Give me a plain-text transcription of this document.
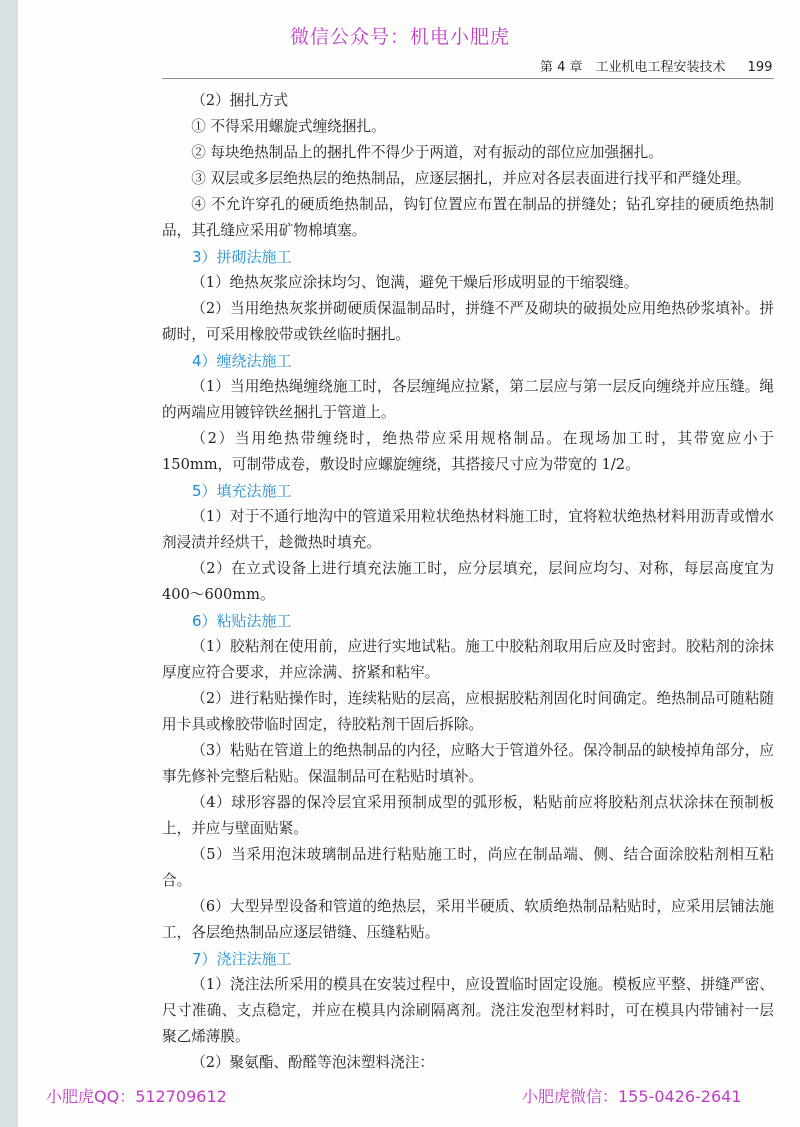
微信公众号：机电小肥虎
第 4 章　工业机电工程安装技术 199

（2）捆扎方式

① 不得采用螺旋式缠绕捆扎。

② 每块绝热制品上的捆扎件不得少于两道，对有振动的部位应加强捆扎。

③ 双层或多层绝热层的绝热制品，应逐层捆扎，并应对各层表面进行找平和严缝处理。

④ 不允许穿孔的硬质绝热制品，钩钉位置应布置在制品的拼缝处；钻孔穿挂的硬质绝热制品，其孔缝应采用矿物棉填塞。

3）拼砌法施工

（1）绝热灰浆应涂抹均匀、饱满，避免干燥后形成明显的干缩裂缝。

（2）当用绝热灰浆拼砌硬质保温制品时，拼缝不严及砌块的破损处应用绝热砂浆填补。拼砌时，可采用橡胶带或铁丝临时捆扎。

4）缠绕法施工

（1）当用绝热绳缠绕施工时，各层缠绳应拉紧，第二层应与第一层反向缠绕并应压缝。绳的两端应用镀锌铁丝捆扎于管道上。

（2）当用绝热带缠绕时，绝热带应采用规格制品。在现场加工时，其带宽应小于150mm，可制带成卷，敷设时应螺旋缠绕，其搭接尺寸应为带宽的 1/2。

5）填充法施工

（1）对于不通行地沟中的管道采用粒状绝热材料施工时，宜将粒状绝热材料用沥青或憎水剂浸渍并经烘干，趁微热时填充。

（2）在立式设备上进行填充法施工时，应分层填充，层间应均匀、对称，每层高度宜为 400～600mm。

6）粘贴法施工

（1）胶粘剂在使用前，应进行实地试粘。施工中胶粘剂取用后应及时密封。胶粘剂的涂抹厚度应符合要求，并应涂满、挤紧和粘牢。

（2）进行粘贴操作时，连续粘贴的层高，应根据胶粘剂固化时间确定。绝热制品可随粘随用卡具或橡胶带临时固定，待胶粘剂干固后拆除。

（3）粘贴在管道上的绝热制品的内径，应略大于管道外径。保冷制品的缺棱掉角部分，应事先修补完整后粘贴。保温制品可在粘贴时填补。

（4）球形容器的保冷层宜采用预制成型的弧形板，粘贴前应将胶粘剂点状涂抹在预制板上，并应与壁面贴紧。

（5）当采用泡沫玻璃制品进行粘贴施工时，尚应在制品端、侧、结合面涂胶粘剂相互粘合。

（6）大型异型设备和管道的绝热层，采用半硬质、软质绝热制品粘贴时，应采用层铺法施工，各层绝热制品应逐层错缝、压缝粘贴。

7）浇注法施工

（1）浇注法所采用的模具在安装过程中，应设置临时固定设施。模板应平整、拼缝严密、尺寸准确、支点稳定，并应在模具内涂刷隔离剂。浇注发泡型材料时，可在模具内带铺衬一层聚乙烯薄膜。

（2）聚氨酯、酚醛等泡沫塑料浇注：

小肥虎QQ：512709612	小肥虎微信：155-0426-2641
